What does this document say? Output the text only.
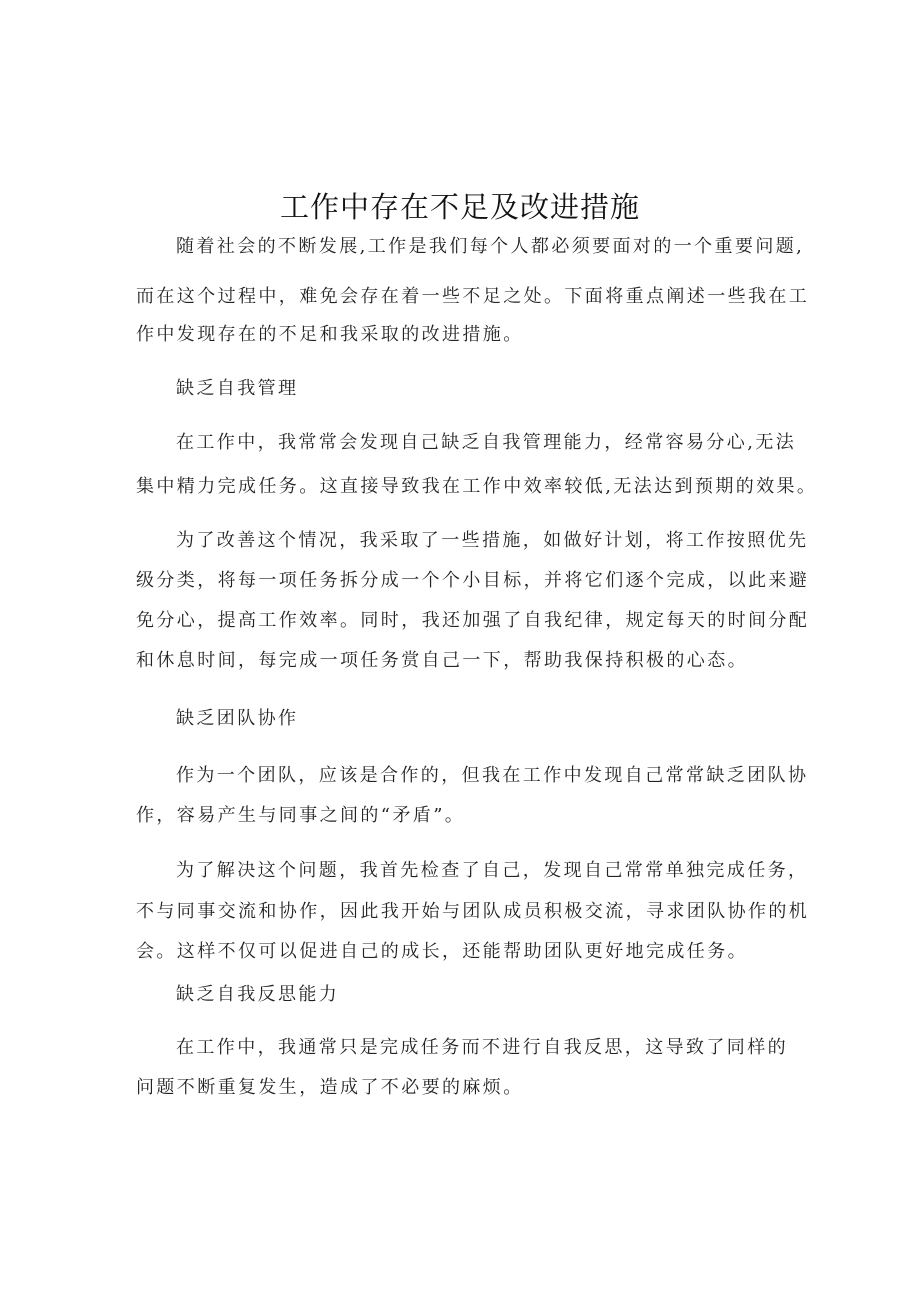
工作中存在不足及改进措施
随着社会的不断发展,工作是我们每个人都必须要面对的一个重要问题,
而在这个过程中，难免会存在着一些不足之处。下面将重点阐述一些我在工
作中发现存在的不足和我采取的改进措施。
缺乏自我管理
在工作中，我常常会发现自己缺乏自我管理能力，经常容易分心,无法
集中精力完成任务。这直接导致我在工作中效率较低,无法达到预期的效果。
为了改善这个情况，我采取了一些措施，如做好计划，将工作按照优先
级分类，将每一项任务拆分成一个个小目标，并将它们逐个完成，以此来避
免分心，提高工作效率。同时，我还加强了自我纪律，规定每天的时间分配
和休息时间，每完成一项任务赏自己一下，帮助我保持积极的心态。
缺乏团队协作
作为一个团队，应该是合作的，但我在工作中发现自己常常缺乏团队协
作，容易产生与同事之间的“矛盾”。
为了解决这个问题，我首先检查了自己，发现自己常常单独完成任务，
不与同事交流和协作，因此我开始与团队成员积极交流，寻求团队协作的机
会。这样不仅可以促进自己的成长，还能帮助团队更好地完成任务。
缺乏自我反思能力
在工作中，我通常只是完成任务而不进行自我反思，这导致了同样的
问题不断重复发生，造成了不必要的麻烦。
